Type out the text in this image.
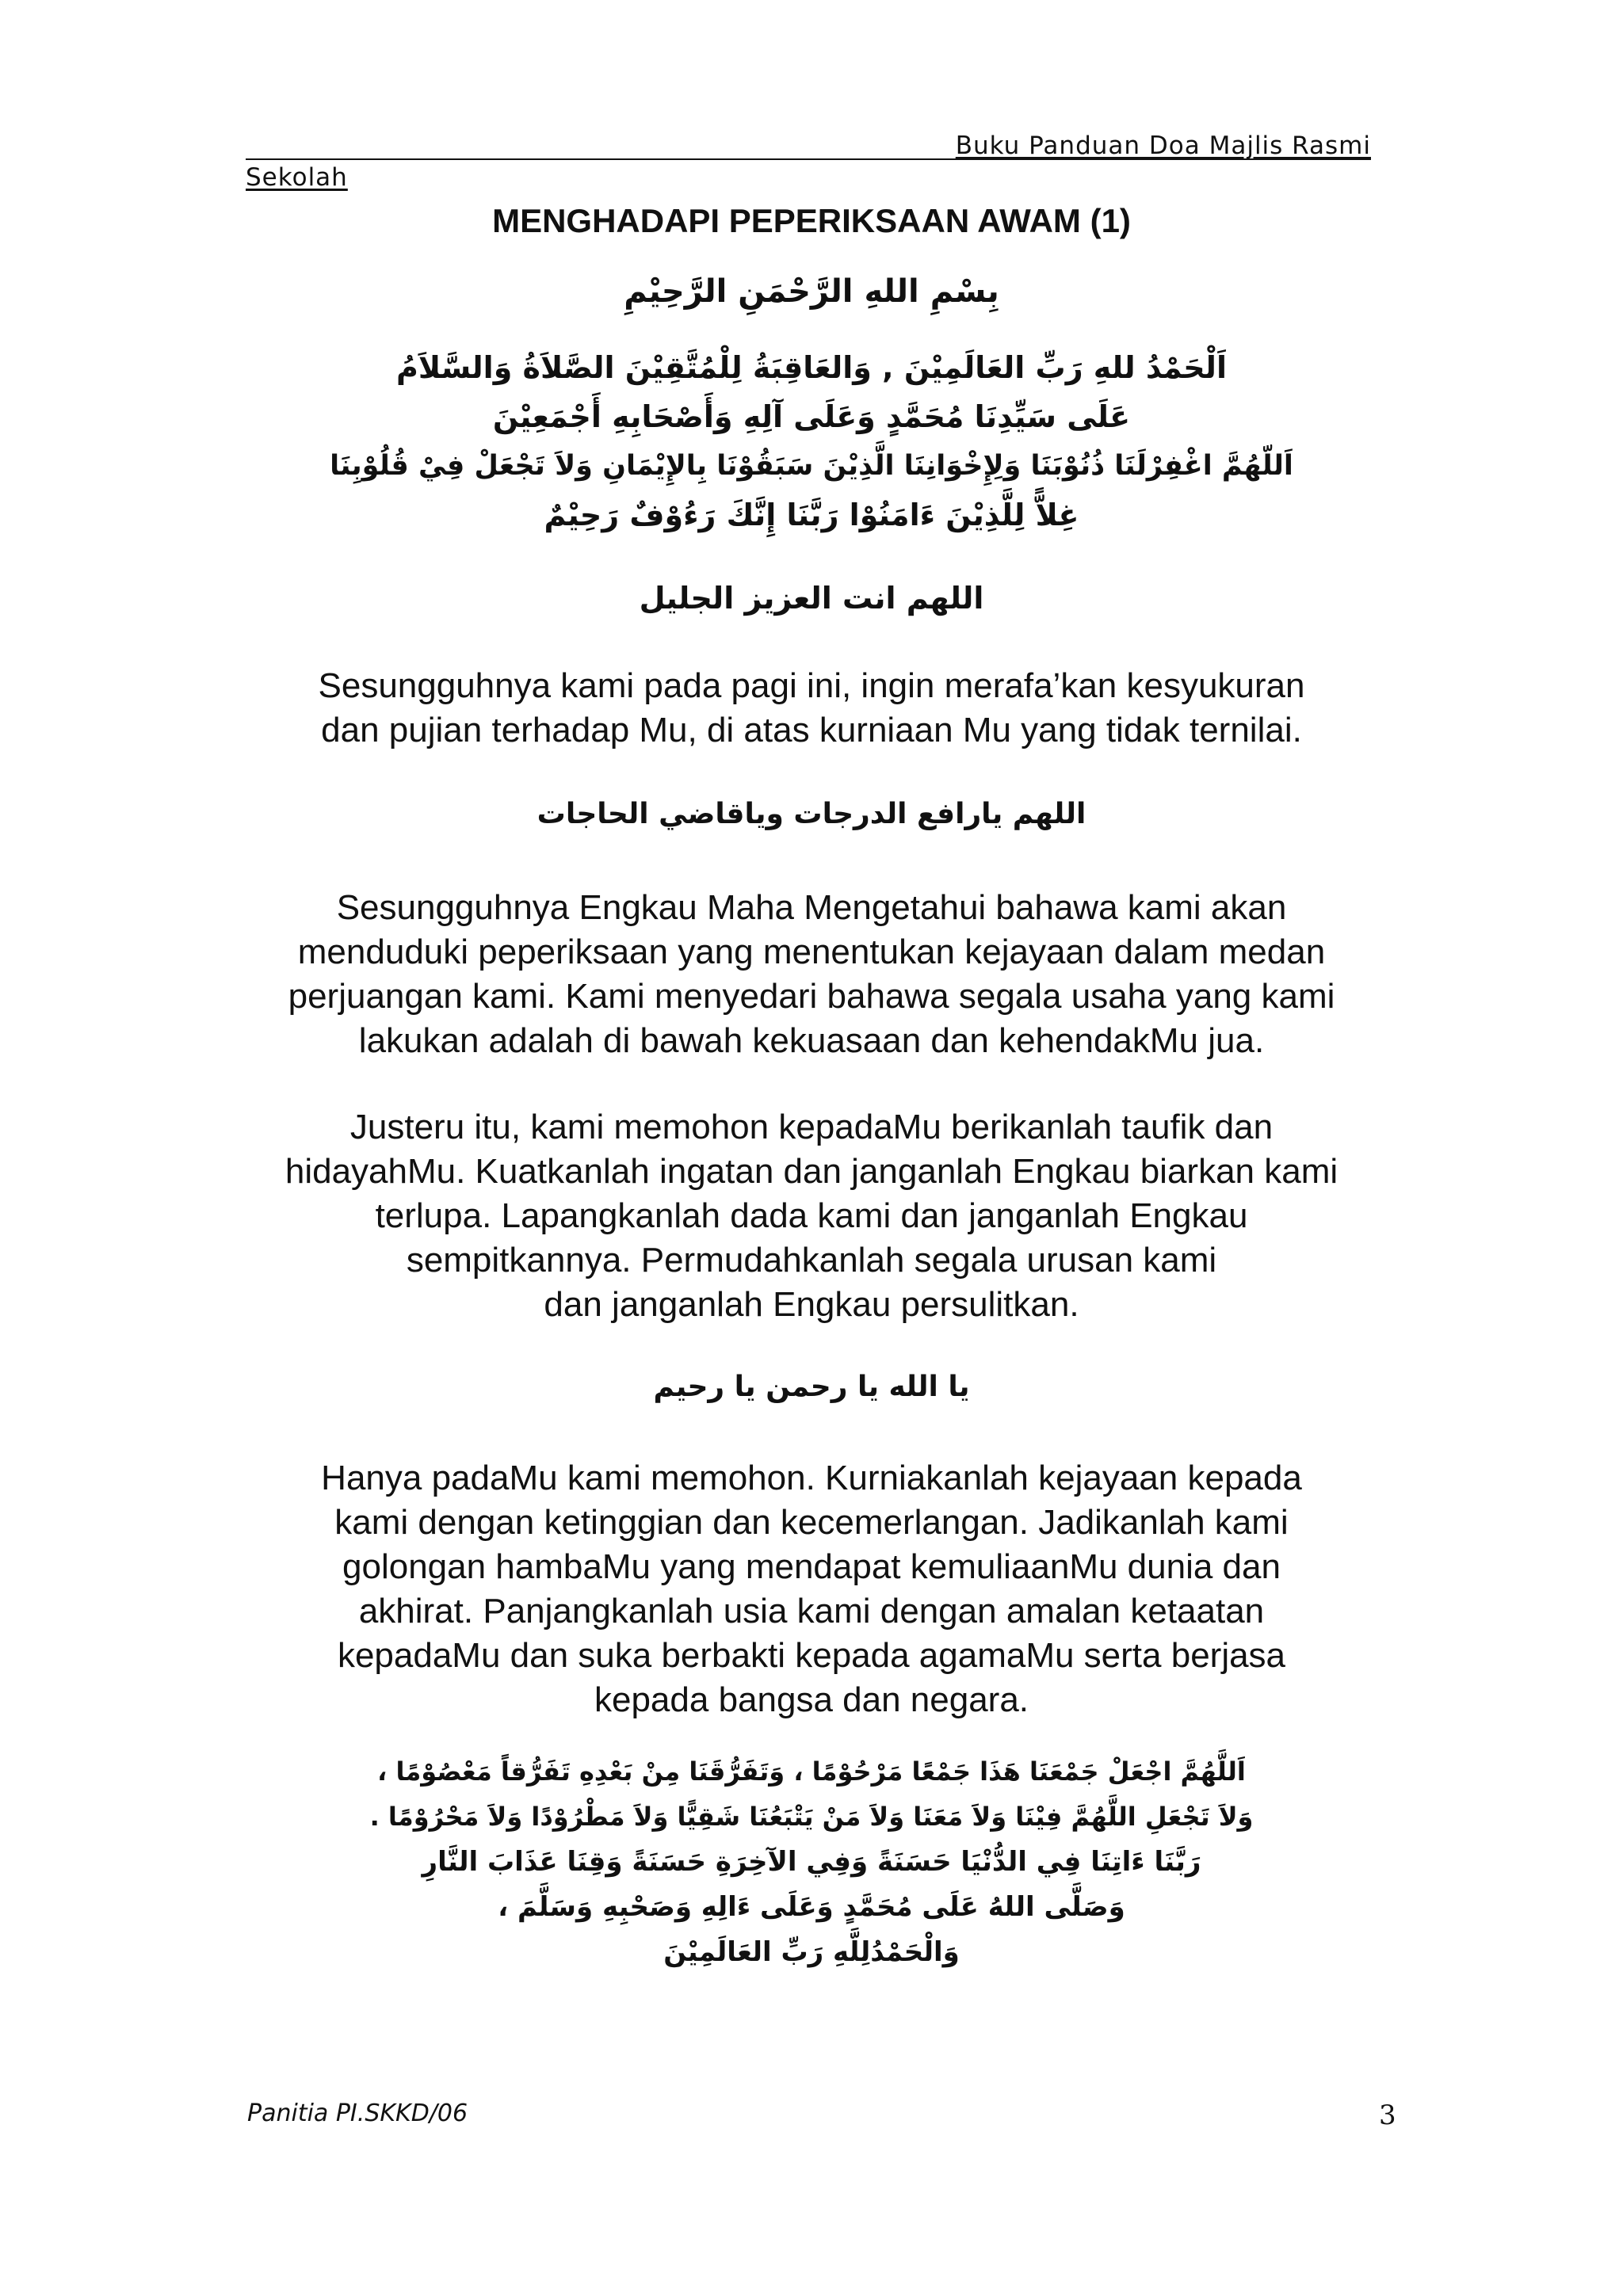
Buku Panduan Doa Majlis Rasmi
Sekolah
MENGHADAPI PEPERIKSAAN AWAM (1)
بِسْمِ اللهِ الرَّحْمَنِ الرَّحِيْمِ
اَلْحَمْدُ للهِ رَبِّ العَالَمِيْنَ , وَالعَاقِبَةُ لِلْمُتَّقِيْنَ الصَّلاَةُ وَالسَّلاَمُ
عَلَى سَيِّدِنَا مُحَمَّدٍ وَعَلَى آلِهِ وَأَصْحَابِهِ أَجْمَعِيْنَ
اَللّهُمَّ اغْفِرْلَنَا ذُنُوْبَنَا وَلِإِخْوَانِنَا الَّذِيْنَ سَبَقُوْنَا بِالإِيْمَانِ وَلاَ تَجْعَلْ فِيْ قُلُوْبِنَا
غِلاًّ لِلَّذِيْنَ ءَامَنُوْا رَبَّنَا إِنَّكَ رَءُوْفٌ رَحِيْمٌ
اللهم انت العزيز الجليل
Sesungguhnya kami pada pagi ini, ingin merafa’kan kesyukuran
dan pujian terhadap Mu, di atas kurniaan Mu yang tidak ternilai.
اللهم يارافع الدرجات وياقاضي الحاجات
Sesungguhnya Engkau Maha Mengetahui bahawa kami akan
menduduki peperiksaan yang menentukan kejayaan dalam medan
perjuangan kami. Kami menyedari bahawa segala usaha yang kami
lakukan adalah di bawah kekuasaan dan kehendakMu jua.
Justeru itu, kami memohon kepadaMu berikanlah taufik dan
hidayahMu. Kuatkanlah ingatan dan janganlah Engkau biarkan kami
terlupa. Lapangkanlah dada kami dan janganlah Engkau
sempitkannya. Permudahkanlah segala urusan kami
dan janganlah Engkau persulitkan.
يا الله يا رحمن يا رحيم
Hanya padaMu kami memohon. Kurniakanlah kejayaan kepada
kami dengan ketinggian dan kecemerlangan. Jadikanlah kami
golongan hambaMu yang mendapat kemuliaanMu dunia dan
akhirat. Panjangkanlah usia kami dengan amalan ketaatan
kepadaMu dan suka berbakti kepada agamaMu serta berjasa
kepada bangsa dan negara.
اَللَّهُمَّ اجْعَلْ جَمْعَنَا هَذَا جَمْعًا مَرْحُوْمًا ، وَتَفَرُّقَنَا مِنْ بَعْدِهِ تَفَرُّقاً مَعْصُوْمًا ،
وَلاَ تَجْعَلِ اللَّهُمَّ فِيْنَا وَلاَ مَعَنَا وَلاَ مَنْ يَتْبَعُنَا شَقِيًّا وَلاَ مَطْرُوْدًا وَلاَ مَحْرُوْمًا .
رَبَّنَا ءَاتِنَا فِي الدُّنْيَا حَسَنَةً وَفِي الآخِرَةِ حَسَنَةً وَقِنَا عَذَابَ النَّارِ
وَصَلَّى اللهُ عَلَى مُحَمَّدٍ وَعَلَى ءَالِهِ وَصَحْبِهِ وَسَلَّمَ ،
وَالْحَمْدُلِلَّهِ رَبِّ العَالَمِيْنَ
Panitia PI.SKKD/06	3
